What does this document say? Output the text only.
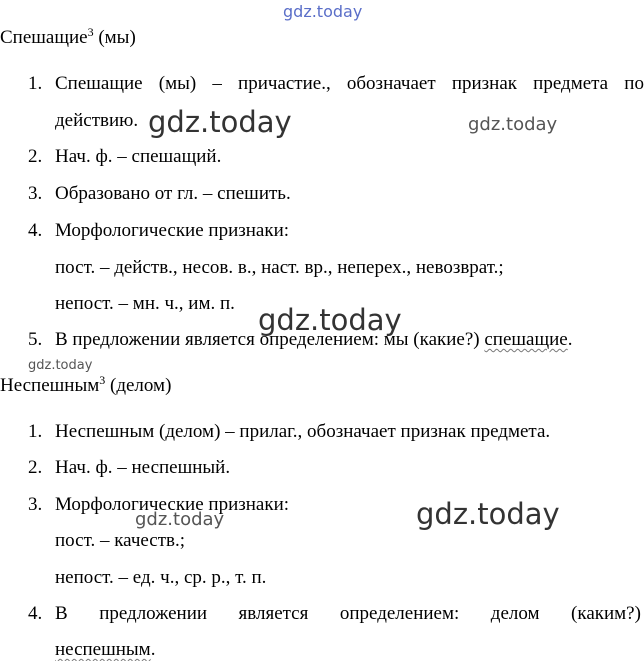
gdz.today
gdz.today	gdz.today
gdz.today
gdz.today
gdz.today
gdz.today
Спешащие$^3$ (мы)
1. Спешащие (мы) – причастие., обозначает признак предмета по
действию.
2. Нач. ф. – спешащий.
3. Образовано от гл. – спешить.
4. Морфологические признаки:
пост. – действ., несов. в., наст. вр., неперех., невозврат.;
непост. – мн. ч., им. п.
5. В предложении является определением: мы (какие?) спешащие.
Неспешным$^3$ (делом)
1. Неспешным (делом) – прилаг., обозначает признак предмета.
2. Нач. ф. – неспешный.
3. Морфологические признаки:
пост. – качеств.;
непост. – ед. ч., ср. р., т. п.
4. В предложении является определением: делом (каким?)
неспешным.
